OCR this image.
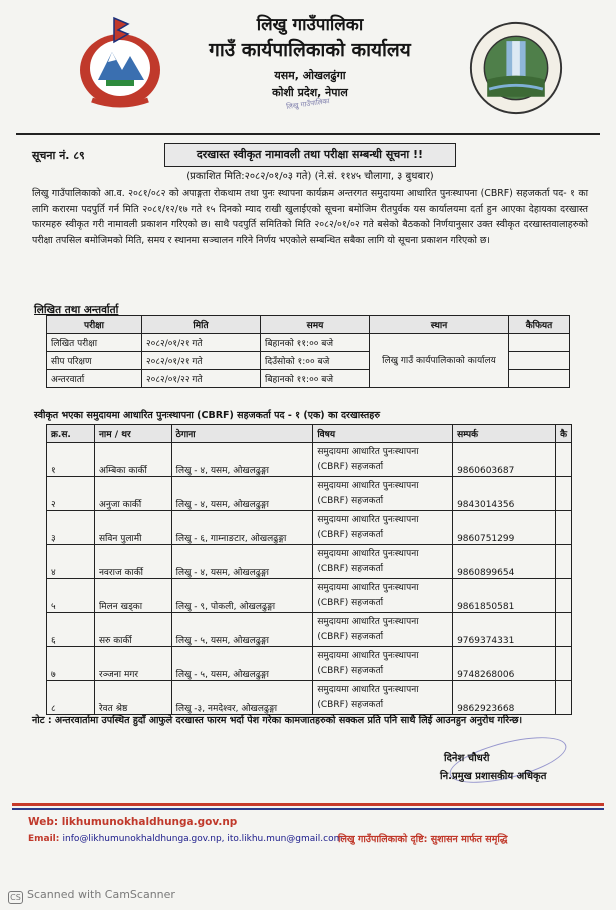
लिखु गाउँपालिका
गाउँ कार्यपालिकाको कार्यालय
यसम, ओखलढुंगा
कोशी प्रदेश, नेपाल
लिखु गाउँपालिका
सूचना नं. ८९	दरखास्त स्वीकृत नामावली तथा परीक्षा सम्बन्धी सूचना !!
(प्रकाशित मिति:२०८२/०१/०३ गते) (ने.सं. ११४५ चौलागा, ३ बुधबार)
लिखु गाउँपालिकाको आ.व. २०८१/०८२ को अपाङ्गता रोकथाम तथा पुनः स्थापना कार्यक्रम अन्तरगत समुदायमा आधारित पुनःस्थापना (CBRF) सहजकर्ता पद- १ का लागि करारमा पदपुर्ति गर्न मिति २०८१/१२/१७ गते १५ दिनको म्याद राखी खुलाईएको सूचना बमोजिम रीतपुर्वक यस कार्यालयमा दर्ता हुन आएका देहायका दरखास्त फारमहरु स्वीकृत गरी नामावली प्रकाशन गरिएको छ। साथै पदपुर्ति समितिको मिति २०८२/०१/०२ गते बसेको बैठकको निर्णयानुसार उक्त स्वीकृत दरखास्तवालाहरुको परीक्षा तपसिल बमोजिमको मिति, समय र स्थानमा सञ्चालन गरिने निर्णय भएकोले सम्बन्धित सबैका लागि यो सूचना प्रकाशन गरिएको छ।
लिखित तथा अन्तर्वार्ता
परीक्षा	मिति	समय	स्थान	कैफियत
लिखित परीक्षा	२०८२/०१/२१ गते	बिहानको ११:०० बजे	लिखु गाउँ कार्यपालिकाको कार्यालय	
सीप परिक्षण	२०८२/०१/२१ गते	दिउँसोको १:०० बजे		
अन्तरवार्ता	२०८२/०१/२२ गते	बिहानको ११:०० बजे		
स्वीकृत भएका समुदायमा आधारित पुनःस्थापना (CBRF) सहजकर्ता पद - १ (एक) का दरखास्तहरु
क्र.स.	नाम / थर	ठेगाना	विषय	सम्पर्क	कै
१	अम्बिका कार्की	लिखु - ४, यसम, ओखलढुङ्गा	समुदायमा आधारित पुनःस्थापना
(CBRF) सहजकर्ता	9860603687	
२	अनुजा कार्की	लिखु - ४, यसम, ओखलढुङ्गा	समुदायमा आधारित पुनःस्थापना
(CBRF) सहजकर्ता	9843014356	
३	सविन पुलामी	लिखु - ६, गाम्नाङटार, ओखलढुङ्गा	समुदायमा आधारित पुनःस्थापना
(CBRF) सहजकर्ता	9860751299	
४	नवराज कार्की	लिखु - ४, यसम, ओखलढुङ्गा	समुदायमा आधारित पुनःस्थापना
(CBRF) सहजकर्ता	9860899654	
५	मिलन खड्का	लिखु - ९, पोकली, ओखलढुङ्गा	समुदायमा आधारित पुनःस्थापना
(CBRF) सहजकर्ता	9861850581	
६	सरु कार्की	लिखु - ५, यसम, ओखलढुङ्गा	समुदायमा आधारित पुनःस्थापना
(CBRF) सहजकर्ता	9769374331	
७	रञ्जना मगर	लिखु - ५, यसम, ओखलढुङ्गा	समुदायमा आधारित पुनःस्थापना
(CBRF) सहजकर्ता	9748268006	
८	रेवत श्रेष्ठ	लिखु -३, नमदेश्वर, ओखलढुङ्गा	समुदायमा आधारित पुनःस्थापना
(CBRF) सहजकर्ता	9862923668	
नोट : अन्तरवार्तामा उपस्थित हुदाँ आफुले दरखास्त फारम भर्दा पेश गरेका कामजातहरुको सक्कल प्रति पनि साथै लिई आउनहुन अनुरोध गरिन्छ।
दिनेश चौधरी
नि.प्रमुख प्रशासकीय अधिकृत
Web: likhumunokhaldhunga.gov.np
Email: info@likhumunokhaldhunga.gov.np, ito.likhu.mun@gmail.com
लिखु गाउँपालिकाको दृष्टि: सुशासन मार्फत समृद्धि
CS Scanned with CamScanner
